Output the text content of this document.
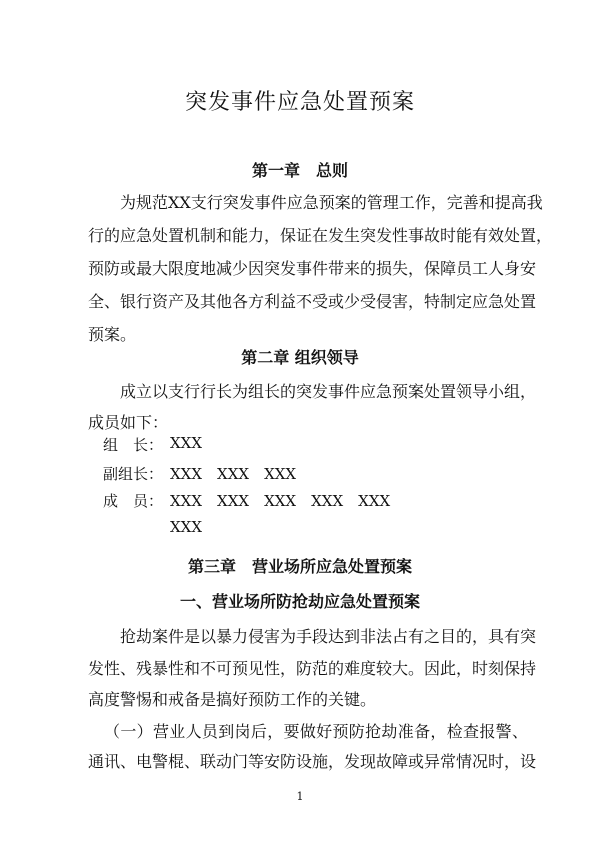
突发事件应急处置预案
第一章　总则
为规范XX支行突发事件应急预案的管理工作，完善和提高我
行的应急处置机制和能力，保证在发生突发性事故时能有效处置，
预防或最大限度地减少因突发事件带来的损失，保障员工人身安
全、银行资产及其他各方利益不受或少受侵害，特制定应急处置
预案。
第二章 组织领导
成立以支行行长为组长的突发事件应急预案处置领导小组，
成员如下：
组　长： XXX
副组长： XXX　XXX　XXX
成　员： XXX　XXX　XXX　XXX　XXX
XXX
第三章　营业场所应急处置预案
一、营业场所防抢劫应急处置预案
抢劫案件是以暴力侵害为手段达到非法占有之目的，具有突
发性、残暴性和不可预见性，防范的难度较大。因此，时刻保持
高度警惕和戒备是搞好预防工作的关键。
（一）营业人员到岗后，要做好预防抢劫准备，检查报警、
通讯、电警棍、联动门等安防设施，发现故障或异常情况时，设
1
